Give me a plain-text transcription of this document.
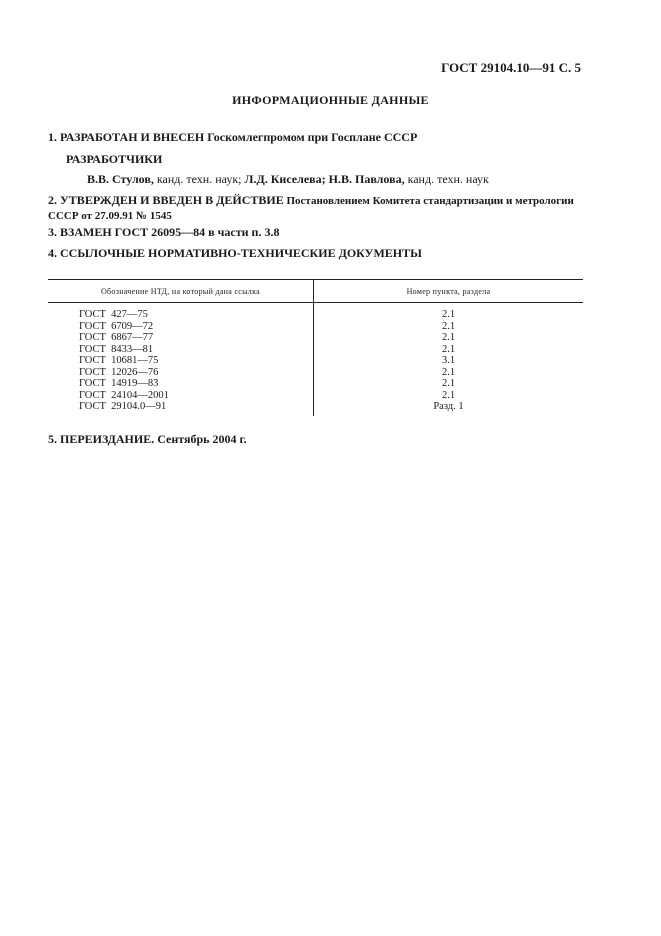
ГОСТ 29104.10—91 С. 5
ИНФОРМАЦИОННЫЕ ДАННЫЕ
1. РАЗРАБОТАН И ВНЕСЕН Госкомлегпромом при Госплане СССР
РАЗРАБОТЧИКИ
В.В. Стулов, канд. техн. наук; Л.Д. Киселева; Н.В. Павлова, канд. техн. наук
2. УТВЕРЖДЕН И ВВЕДЕН В ДЕЙСТВИЕ Постановлением Комитета стандартизации и метрологии СССР от 27.09.91 № 1545
3. ВЗАМЕН ГОСТ 26095—84 в части п. 3.8
4. ССЫЛОЧНЫЕ НОРМАТИВНО-ТЕХНИЧЕСКИЕ ДОКУМЕНТЫ
Обозначение НТД, на который дана ссылка	Номер пункта, раздела
ГОСТ  427—75	2.1
ГОСТ  6709—72	2.1
ГОСТ  6867—77	2.1
ГОСТ  8433—81	2.1
ГОСТ  10681—75	3.1
ГОСТ  12026—76	2.1
ГОСТ  14919—83	2.1
ГОСТ  24104—2001	2.1
ГОСТ  29104.0—91	Разд. 1
5. ПЕРЕИЗДАНИЕ. Сентябрь 2004 г.
